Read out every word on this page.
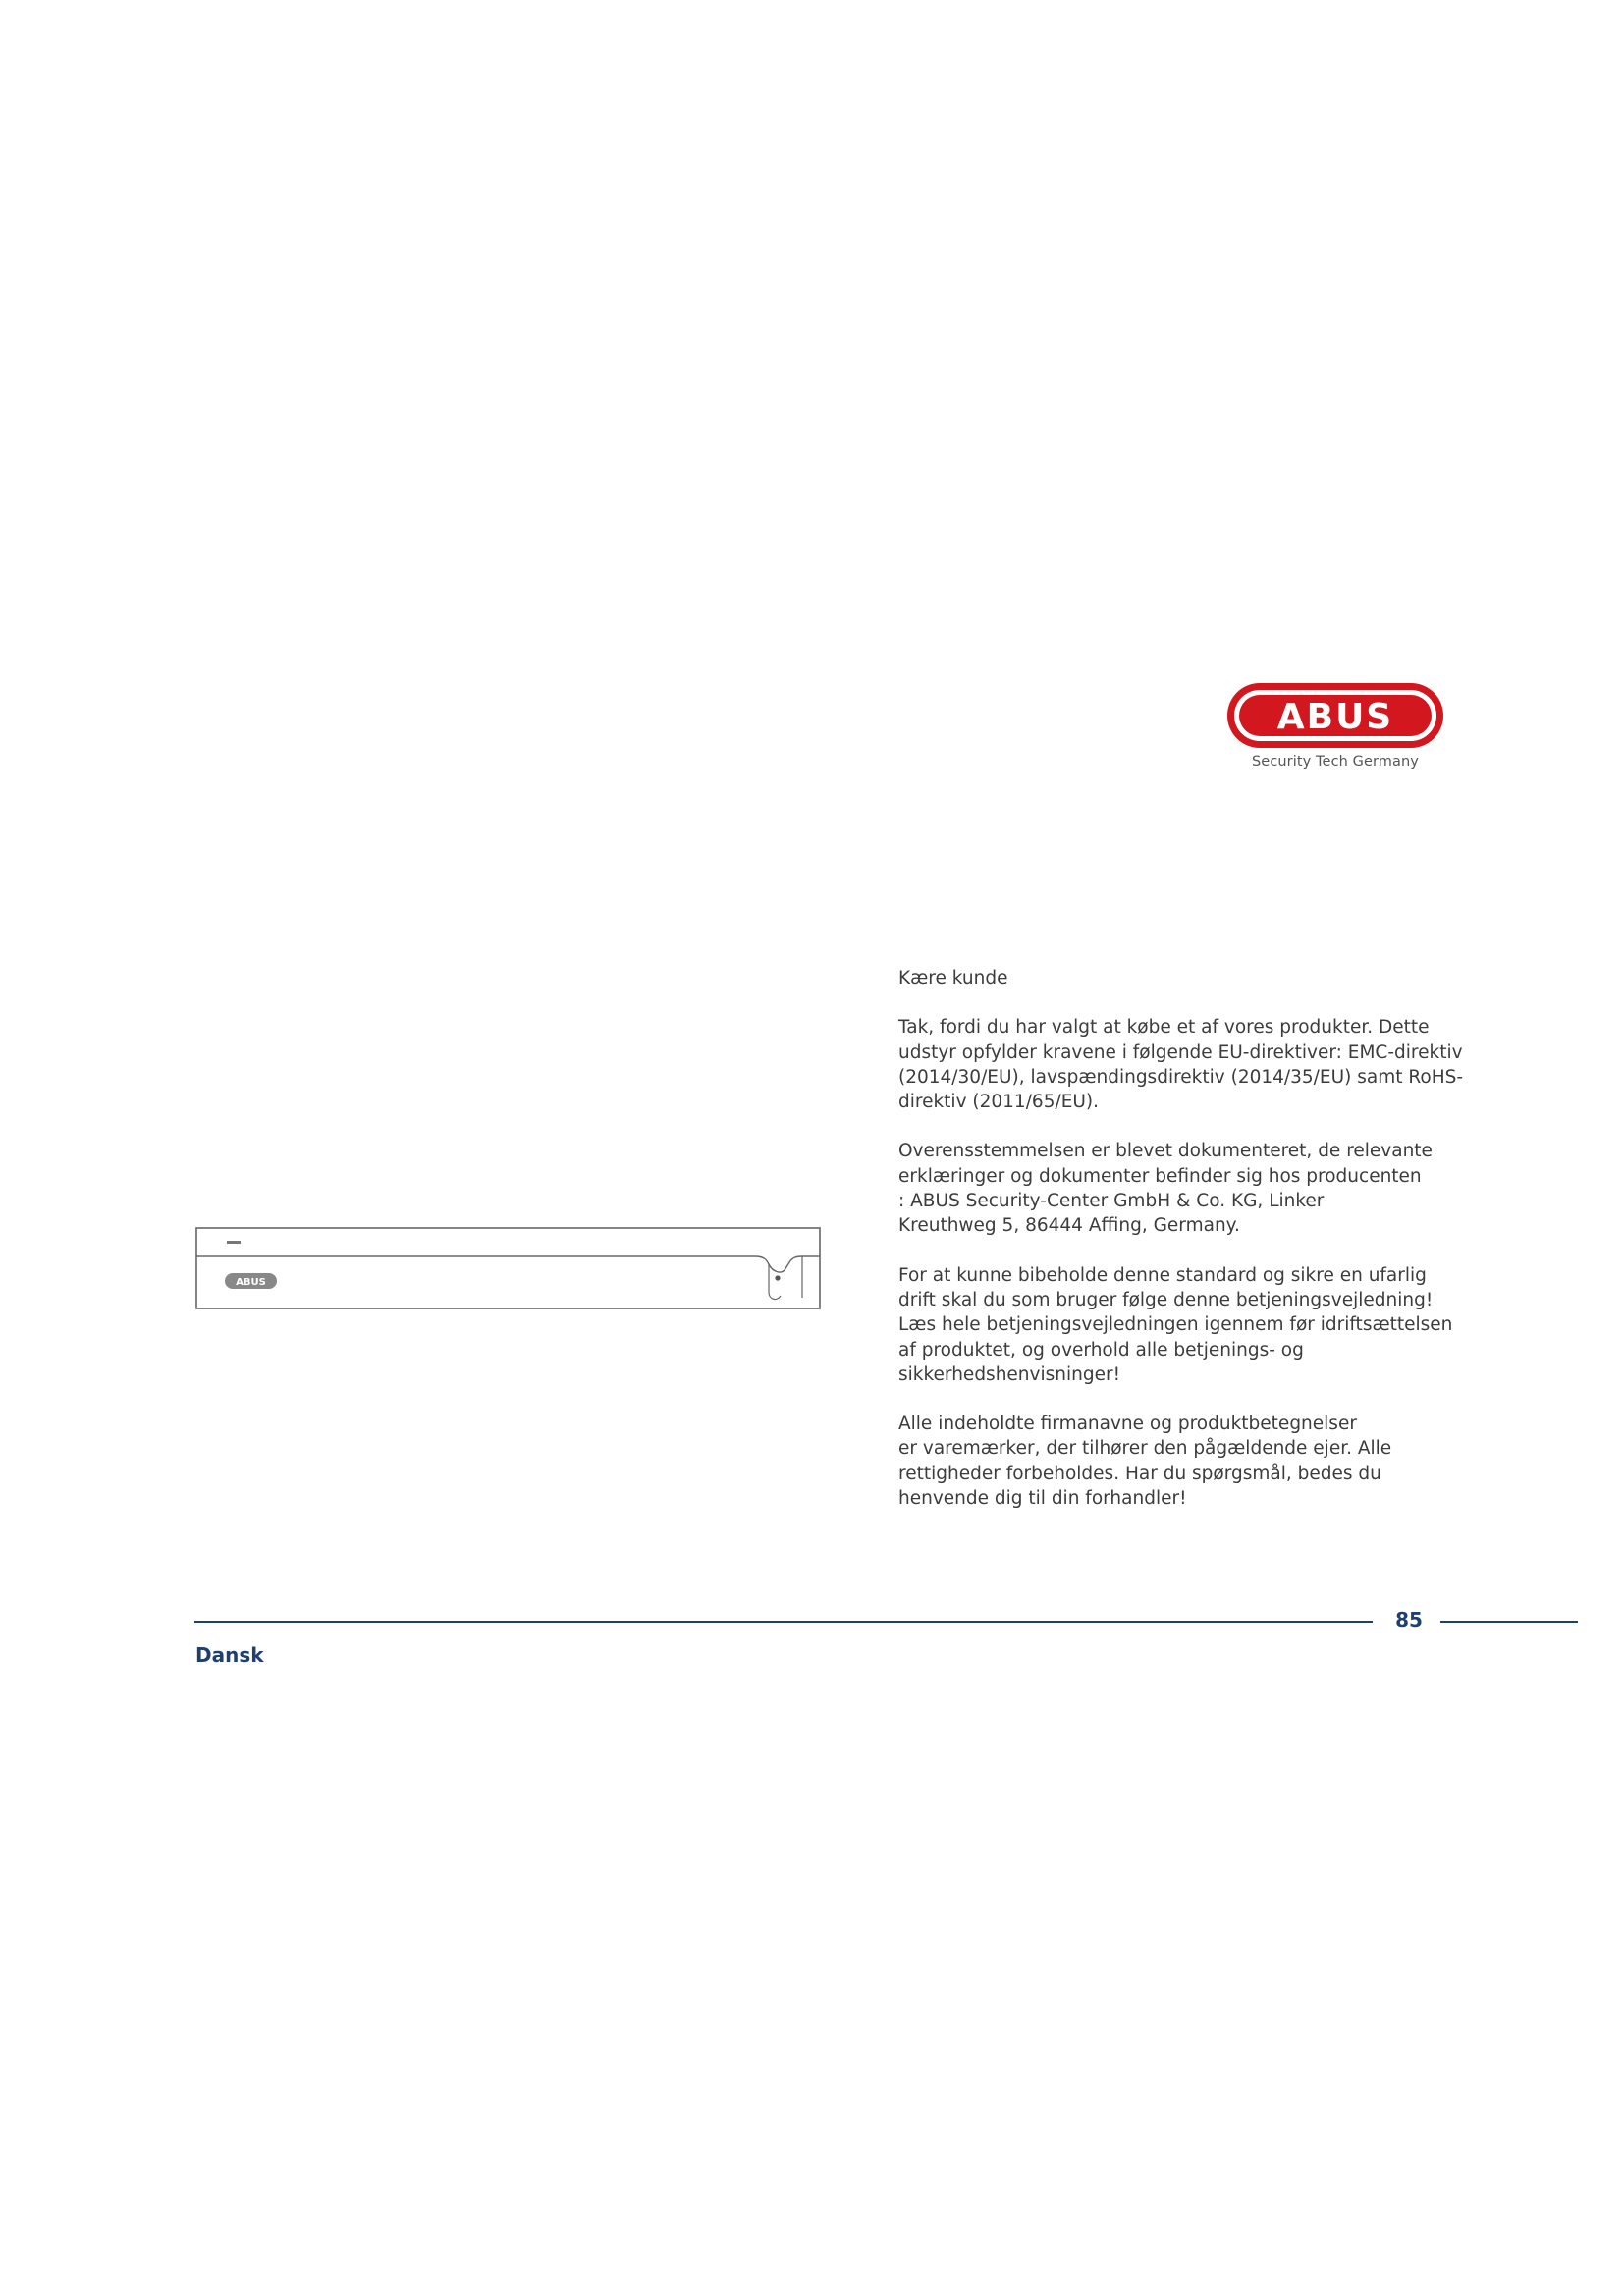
ABUS
Security Tech Germany
ABUS

Kære kunde

Tak, fordi du har valgt at købe et af vores produkter. Dette
udstyr opfylder kravene i følgende EU-direktiver: EMC-direktiv
(2014/30/EU), lavspændingsdirektiv (2014/35/EU) samt RoHS-
direktiv (2011/65/EU).

Overensstemmelsen er blevet dokumenteret, de relevante
erklæringer og dokumenter befinder sig hos producenten
: ABUS Security-Center GmbH & Co. KG, Linker
Kreuthweg 5, 86444 Affing, Germany.

For at kunne bibeholde denne standard og sikre en ufarlig
drift skal du som bruger følge denne betjeningsvejledning!
Læs hele betjeningsvejledningen igennem før idriftsættelsen
af produktet, og overhold alle betjenings- og
sikkerhedshenvisninger!

Alle indeholdte firmanavne og produktbetegnelser
er varemærker, der tilhører den pågældende ejer. Alle
rettigheder forbeholdes. Har du spørgsmål, bedes du
henvende dig til din forhandler!

85
Dansk
